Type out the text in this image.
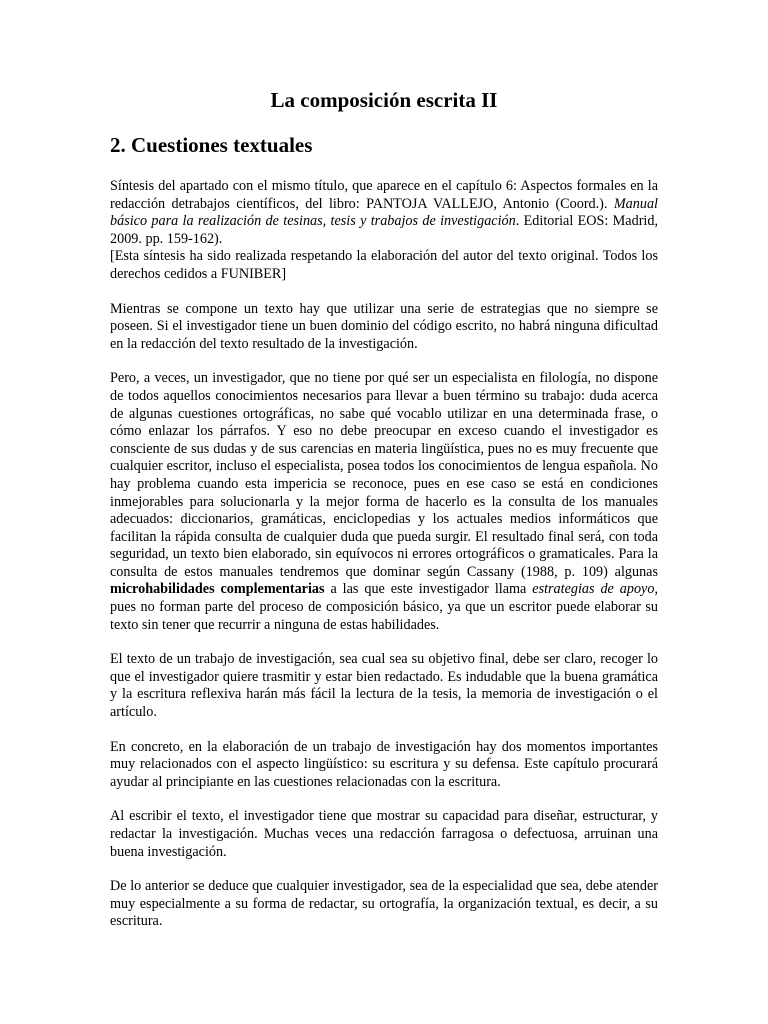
La composición escrita II
2. Cuestiones textuales

Síntesis del apartado con el mismo título, que aparece en el capítulo 6: Aspectos formales en la redacción detrabajos científicos, del libro: PANTOJA VALLEJO, Antonio (Coord.). Manual básico para la realización de tesinas, tesis y trabajos de investigación. Editorial EOS: Madrid, 2009. pp. 159-162).
[Esta síntesis ha sido realizada respetando la elaboración del autor del texto original. Todos los derechos cedidos a FUNIBER]

Mientras se compone un texto hay que utilizar una serie de estrategias que no siempre se poseen. Si el investigador tiene un buen dominio del código escrito, no habrá ninguna dificultad en la redacción del texto resultado de la investigación.

Pero, a veces, un investigador, que no tiene por qué ser un especialista en filología, no dispone de todos aquellos conocimientos necesarios para llevar a buen término su trabajo: duda acerca de algunas cuestiones ortográficas, no sabe qué vocablo utilizar en una determinada frase, o cómo enlazar los párrafos. Y eso no debe preocupar en exceso cuando el investigador es consciente de sus dudas y de sus carencias en materia lingüística, pues no es muy frecuente que cualquier escritor, incluso el especialista, posea todos los conocimientos de lengua española. No hay problema cuando esta impericia se reconoce, pues en ese caso se está en condiciones inmejorables para solucionarla y la mejor forma de hacerlo es la consulta de los manuales adecuados: diccionarios, gramáticas, enciclopedias y los actuales medios informáticos que facilitan la rápida consulta de cualquier duda que pueda surgir. El resultado final será, con toda seguridad, un texto bien elaborado, sin equívocos ni errores ortográficos o gramaticales. Para la consulta de estos manuales tendremos que dominar según Cassany (1988, p. 109) algunas microhabilidades complementarias a las que este investigador llama estrategias de apoyo, pues no forman parte del proceso de composición básico, ya que un escritor puede elaborar su texto sin tener que recurrir a ninguna de estas habilidades.

El texto de un trabajo de investigación, sea cual sea su objetivo final, debe ser claro, recoger lo que el investigador quiere trasmitir y estar bien redactado. Es indudable que la buena gramática y la escritura reflexiva harán más fácil la lectura de la tesis, la memoria de investigación o el artículo.

En concreto, en la elaboración de un trabajo de investigación hay dos momentos importantes muy relacionados con el aspecto lingüístico: su escritura y su defensa. Este capítulo procurará ayudar al principiante en las cuestiones relacionadas con la escritura.

Al escribir el texto, el investigador tiene que mostrar su capacidad para diseñar, estructurar, y redactar la investigación. Muchas veces una redacción farragosa o defectuosa, arruinan una buena investigación.

De lo anterior se deduce que cualquier investigador, sea de la especialidad que sea, debe atender muy especialmente a su forma de redactar, su ortografía, la organización textual, es decir, a su escritura.
